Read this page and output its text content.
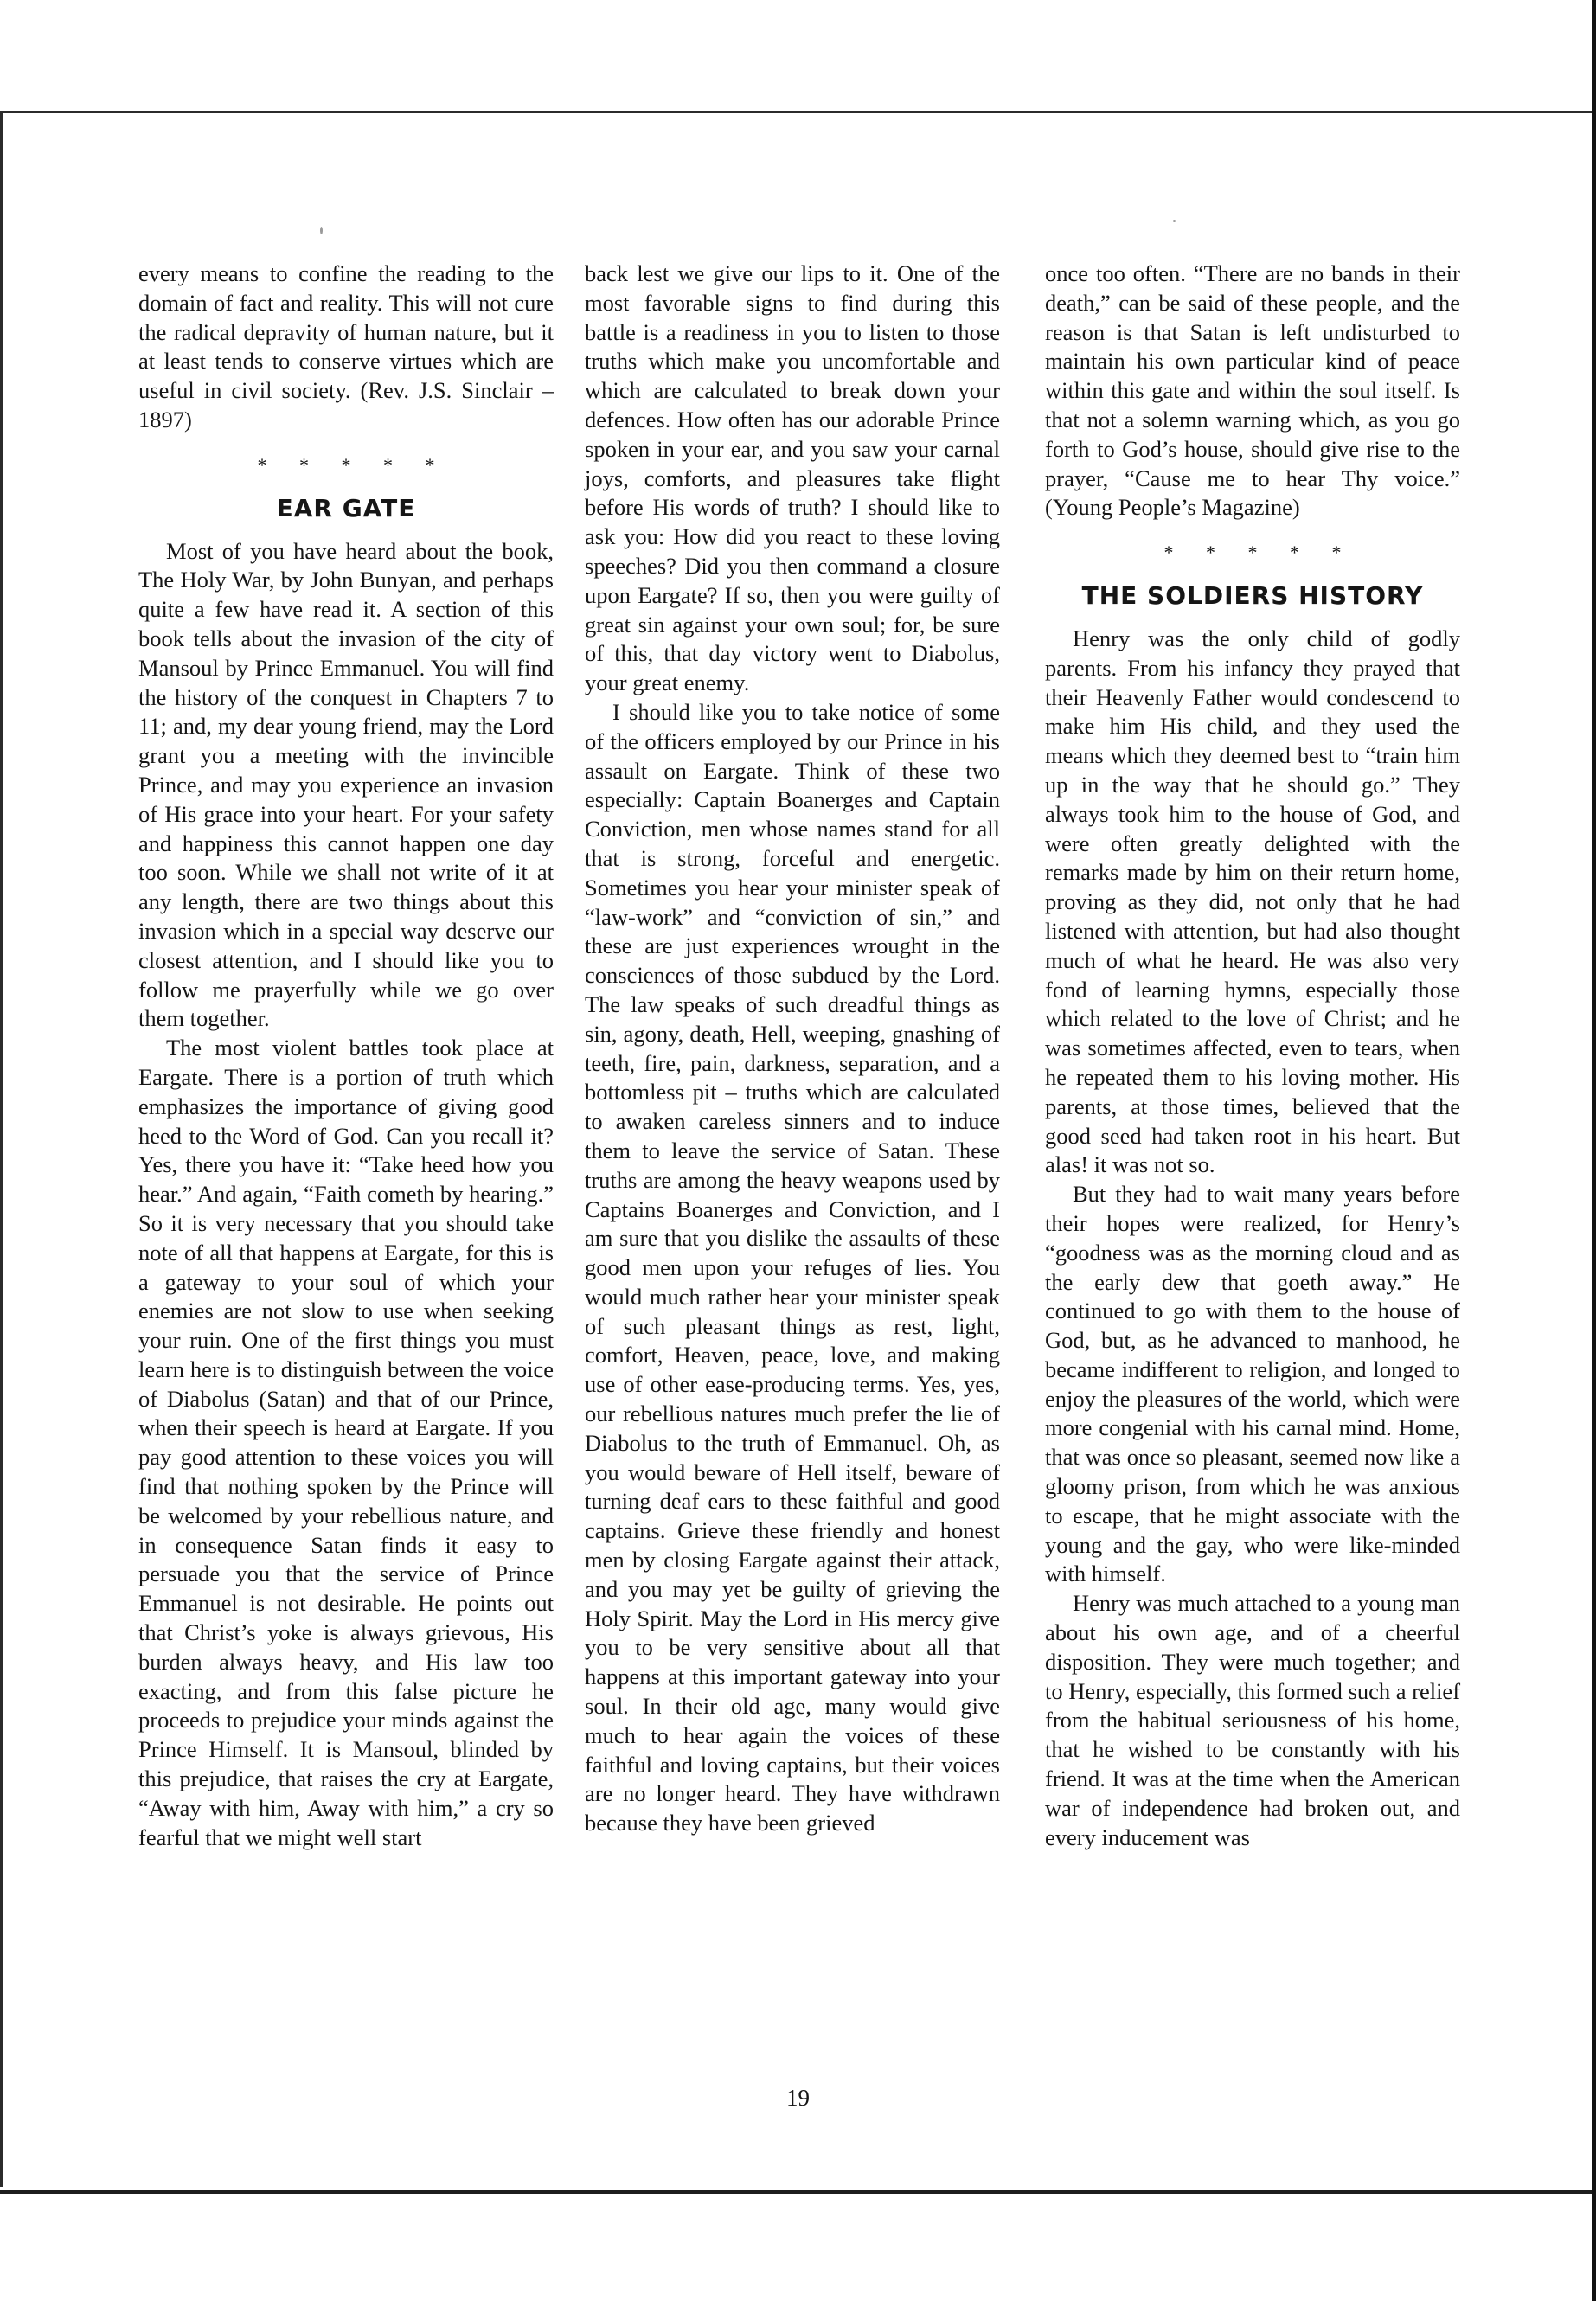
every means to confine the reading to the domain of fact and reality. This will not cure the radical depravity of human nature, but it at least tends to conserve virtues which are useful in civil society. (Rev. J.S. Sinclair – 1897)

* * * * *
EAR GATE

Most of you have heard about the book, The Holy War, by John Bunyan, and perhaps quite a few have read it. A section of this book tells about the invasion of the city of Mansoul by Prince Emmanuel. You will find the history of the conquest in Chapters 7 to 11; and, my dear young friend, may the Lord grant you a meeting with the invincible Prince, and may you experience an invasion of His grace into your heart. For your safety and happiness this cannot happen one day too soon. While we shall not write of it at any length, there are two things about this invasion which in a special way deserve our closest attention, and I should like you to follow me prayerfully while we go over them together.

The most violent battles took place at Eargate. There is a portion of truth which emphasizes the importance of giving good heed to the Word of God. Can you recall it? Yes, there you have it: “Take heed how you hear.” And again, “Faith cometh by hearing.” So it is very necessary that you should take note of all that happens at Eargate, for this is a gateway to your soul of which your enemies are not slow to use when seeking your ruin. One of the first things you must learn here is to distinguish between the voice of Diabolus (Satan) and that of our Prince, when their speech is heard at Eargate. If you pay good attention to these voices you will find that nothing spoken by the Prince will be welcomed by your rebellious nature, and in consequence Satan finds it easy to persuade you that the service of Prince Emmanuel is not desirable. He points out that Christ’s yoke is always grievous, His burden always heavy, and His law too exacting, and from this false picture he proceeds to prejudice your minds against the Prince Himself. It is Mansoul, blinded by this prejudice, that raises the cry at Eargate, “Away with him, Away with him,” a cry so fearful that we might well start

back lest we give our lips to it. One of the most favorable signs to find during this battle is a readiness in you to listen to those truths which make you uncomfortable and which are calculated to break down your defences. How often has our adorable Prince spoken in your ear, and you saw your carnal joys, comforts, and pleasures take flight before His words of truth? I should like to ask you: How did you react to these loving speeches? Did you then command a closure upon Eargate? If so, then you were guilty of great sin against your own soul; for, be sure of this, that day victory went to Diabolus, your great enemy.

I should like you to take notice of some of the officers employed by our Prince in his assault on Eargate. Think of these two especially: Captain Boanerges and Captain Conviction, men whose names stand for all that is strong, forceful and energetic. Sometimes you hear your minister speak of “law-work” and “conviction of sin,” and these are just experiences wrought in the consciences of those subdued by the Lord. The law speaks of such dreadful things as sin, agony, death, Hell, weeping, gnashing of teeth, fire, pain, darkness, separation, and a bottomless pit – truths which are calculated to awaken careless sinners and to induce them to leave the service of Satan. These truths are among the heavy weapons used by Captains Boanerges and Conviction, and I am sure that you dislike the assaults of these good men upon your refuges of lies. You would much rather hear your minister speak of such pleasant things as rest, light, comfort, Heaven, peace, love, and making use of other ease-producing terms. Yes, yes, our rebellious natures much prefer the lie of Diabolus to the truth of Emmanuel. Oh, as you would beware of Hell itself, beware of turning deaf ears to these faithful and good captains. Grieve these friendly and honest men by closing Eargate against their attack, and you may yet be guilty of grieving the Holy Spirit. May the Lord in His mercy give you to be very sensitive about all that happens at this important gateway into your soul. In their old age, many would give much to hear again the voices of these faithful and loving captains, but their voices are no longer heard. They have withdrawn because they have been grieved

once too often. “There are no bands in their death,” can be said of these people, and the reason is that Satan is left undisturbed to maintain his own particular kind of peace within this gate and within the soul itself. Is that not a solemn warning which, as you go forth to God’s house, should give rise to the prayer, “Cause me to hear Thy voice.” (Young People’s Magazine)

* * * * *
THE SOLDIERS HISTORY

Henry was the only child of godly parents. From his infancy they prayed that their Heavenly Father would condescend to make him His child, and they used the means which they deemed best to “train him up in the way that he should go.” They always took him to the house of God, and were often greatly delighted with the remarks made by him on their return home, proving as they did, not only that he had listened with attention, but had also thought much of what he heard. He was also very fond of learning hymns, especially those which related to the love of Christ; and he was sometimes affected, even to tears, when he repeated them to his loving mother. His parents, at those times, believed that the good seed had taken root in his heart. But alas! it was not so.

But they had to wait many years before their hopes were realized, for Henry’s “goodness was as the morning cloud and as the early dew that goeth away.” He continued to go with them to the house of God, but, as he advanced to manhood, he became indifferent to religion, and longed to enjoy the pleasures of the world, which were more congenial with his carnal mind. Home, that was once so pleasant, seemed now like a gloomy prison, from which he was anxious to escape, that he might associate with the young and the gay, who were like-minded with himself.

Henry was much attached to a young man about his own age, and of a cheerful disposition. They were much together; and to Henry, especially, this formed such a relief from the habitual seriousness of his home, that he wished to be constantly with his friend. It was at the time when the American war of independence had broken out, and every inducement was

19
